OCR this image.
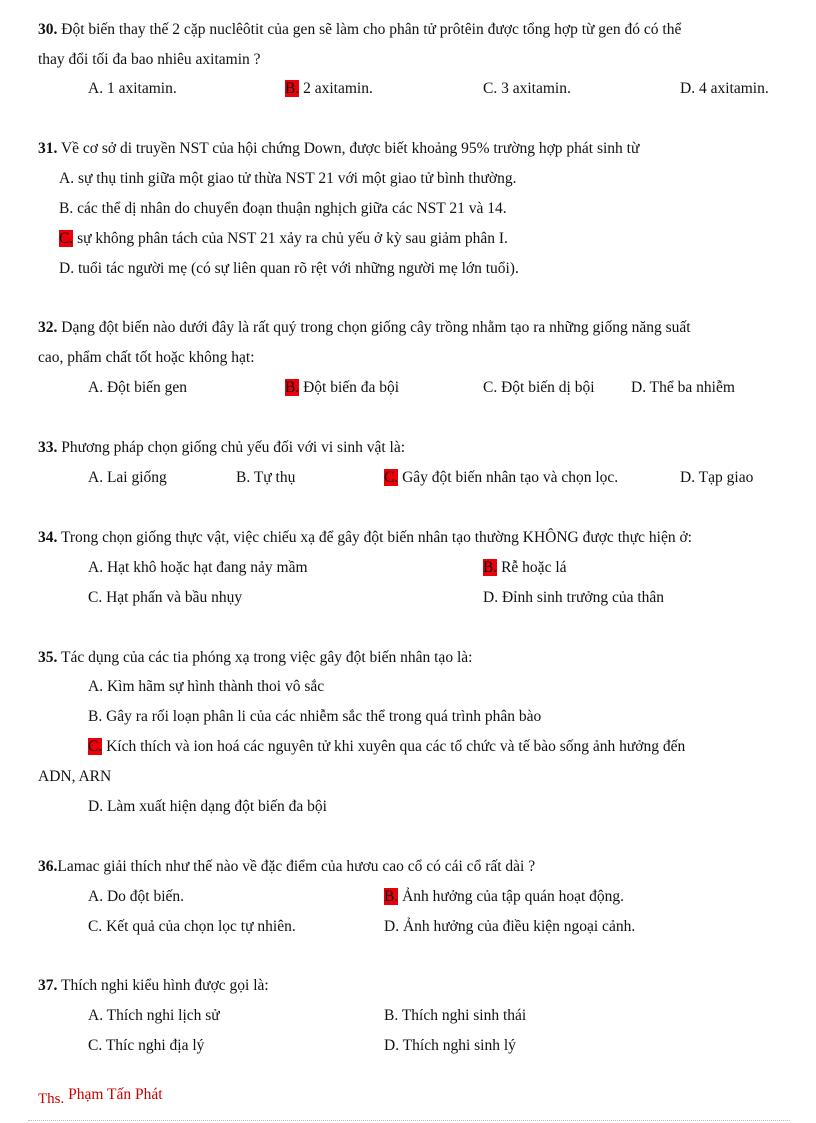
30. Đột biến thay thế 2 cặp nuclêôtit của gen sẽ làm cho phân tử prôtêin được tổng hợp từ gen đó có thể
thay đổi tối đa bao nhiêu axitamin ?
A. 1 axitamin.	B. 2 axitamin.	C. 3 axitamin.	D. 4 axitamin.
31. Về cơ sở di truyền NST của hội chứng Down, được biết khoảng 95% trường hợp phát sinh từ
A. sự thụ tinh giữa một giao tử thừa NST 21 với một giao tử bình thường.
B. các thể dị nhân do chuyển đoạn thuận nghịch giữa các NST 21 và 14.
C. sự không phân tách của NST 21 xảy ra chủ yếu ở kỳ sau giảm phân I.
D. tuổi tác người mẹ (có sự liên quan rõ rệt với những người mẹ lớn tuổi).
32. Dạng đột biến nào dưới đây là rất quý trong chọn giống cây trồng nhằm tạo ra những giống năng suất
cao, phẩm chất tốt hoặc không hạt:
A. Đột biến gen	B. Đột biến đa bội	C. Đột biến dị bội D. Thể ba nhiễm
33. Phương pháp chọn giống chủ yếu đối với vi sinh vật là:
A. Lai giống	B. Tự thụ	C. Gây đột biến nhân tạo và chọn lọc.	D. Tạp giao
34. Trong chọn giống thực vật, việc chiếu xạ để gây đột biến nhân tạo thường KHÔNG được thực hiện ở:
A. Hạt khô hoặc hạt đang nảy mầm	B. Rễ hoặc lá
C. Hạt phấn và bầu nhụy	D. Đỉnh sinh trưởng của thân
35. Tác dụng của các tia phóng xạ trong việc gây đột biến nhân tạo là:
A. Kìm hãm sự hình thành thoi vô sắc
B. Gây ra rối loạn phân li của các nhiễm sắc thể trong quá trình phân bào
C. Kích thích và ion hoá các nguyên tử khi xuyên qua các tổ chức và tế bào sống ảnh hưởng đến
ADN, ARN
D. Làm xuất hiện dạng đột biến đa bội
36.Lamac giải thích như thế nào về đặc điểm của hươu cao cổ có cái cổ rất dài ?
A. Do đột biến.	B. Ảnh hưởng của tập quán hoạt động.
C. Kết quả của chọn lọc tự nhiên.	D. Ảnh hưởng của điều kiện ngoại cảnh.
37. Thích nghi kiểu hình được gọi là:
A. Thích nghi lịch sử	B. Thích nghi sinh thái
C. Thíc nghi địa lý	D. Thích nghi sinh lý
Ths. Phạm Tấn Phát
